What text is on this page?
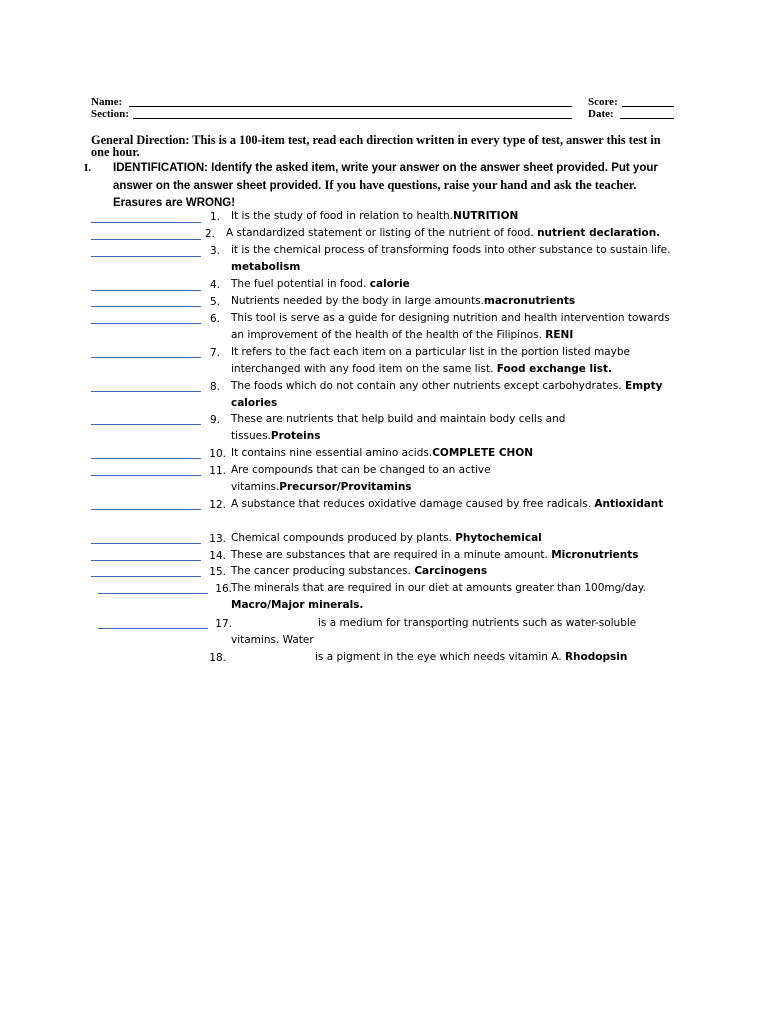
Name:
Section:
Score:
Date:
General Direction: This is a 100-item test, read each direction written in every type of test, answer this test in one hour.
I. IDENTIFICATION: Identify the asked item, write your answer on the answer sheet provided. Put your answer on the answer sheet provided. If you have questions, raise your hand and ask the teacher. Erasures are WRONG!
1. It is the study of food in relation to health.NUTRITION
2. A standardized statement or listing of the nutrient of food. nutrient declaration.
3. it is the chemical process of transforming foods into other substance to sustain life. metabolism
4. The fuel potential in food. calorie
5. Nutrients needed by the body in large amounts.macronutrients
6. This tool is serve as a guide for designing nutrition and health intervention towards an improvement of the health of the health of the Filipinos. RENI
7. It refers to the fact each item on a particular list in the portion listed maybe interchanged with any food item on the same list. Food exchange list.
8. The foods which do not contain any other nutrients except carbohydrates. Empty calories
9. These are nutrients that help build and maintain body cells and tissues.Proteins
10. It contains nine essential amino acids.COMPLETE CHON
11. Are compounds that can be changed to an active vitamins.Precursor/Provitamins
12. A substance that reduces oxidative damage caused by free radicals. Antioxidant
13. Chemical compounds produced by plants. Phytochemical
14. These are substances that are required in a minute amount. Micronutrients
15. The cancer producing substances. Carcinogens
16. The minerals that are required in our diet at amounts greater than 100mg/day. Macro/Major minerals.
17.	is a medium for transporting nutrients such as water-soluble vitamins. Water
18.	is a pigment in the eye which needs vitamin A. Rhodopsin
